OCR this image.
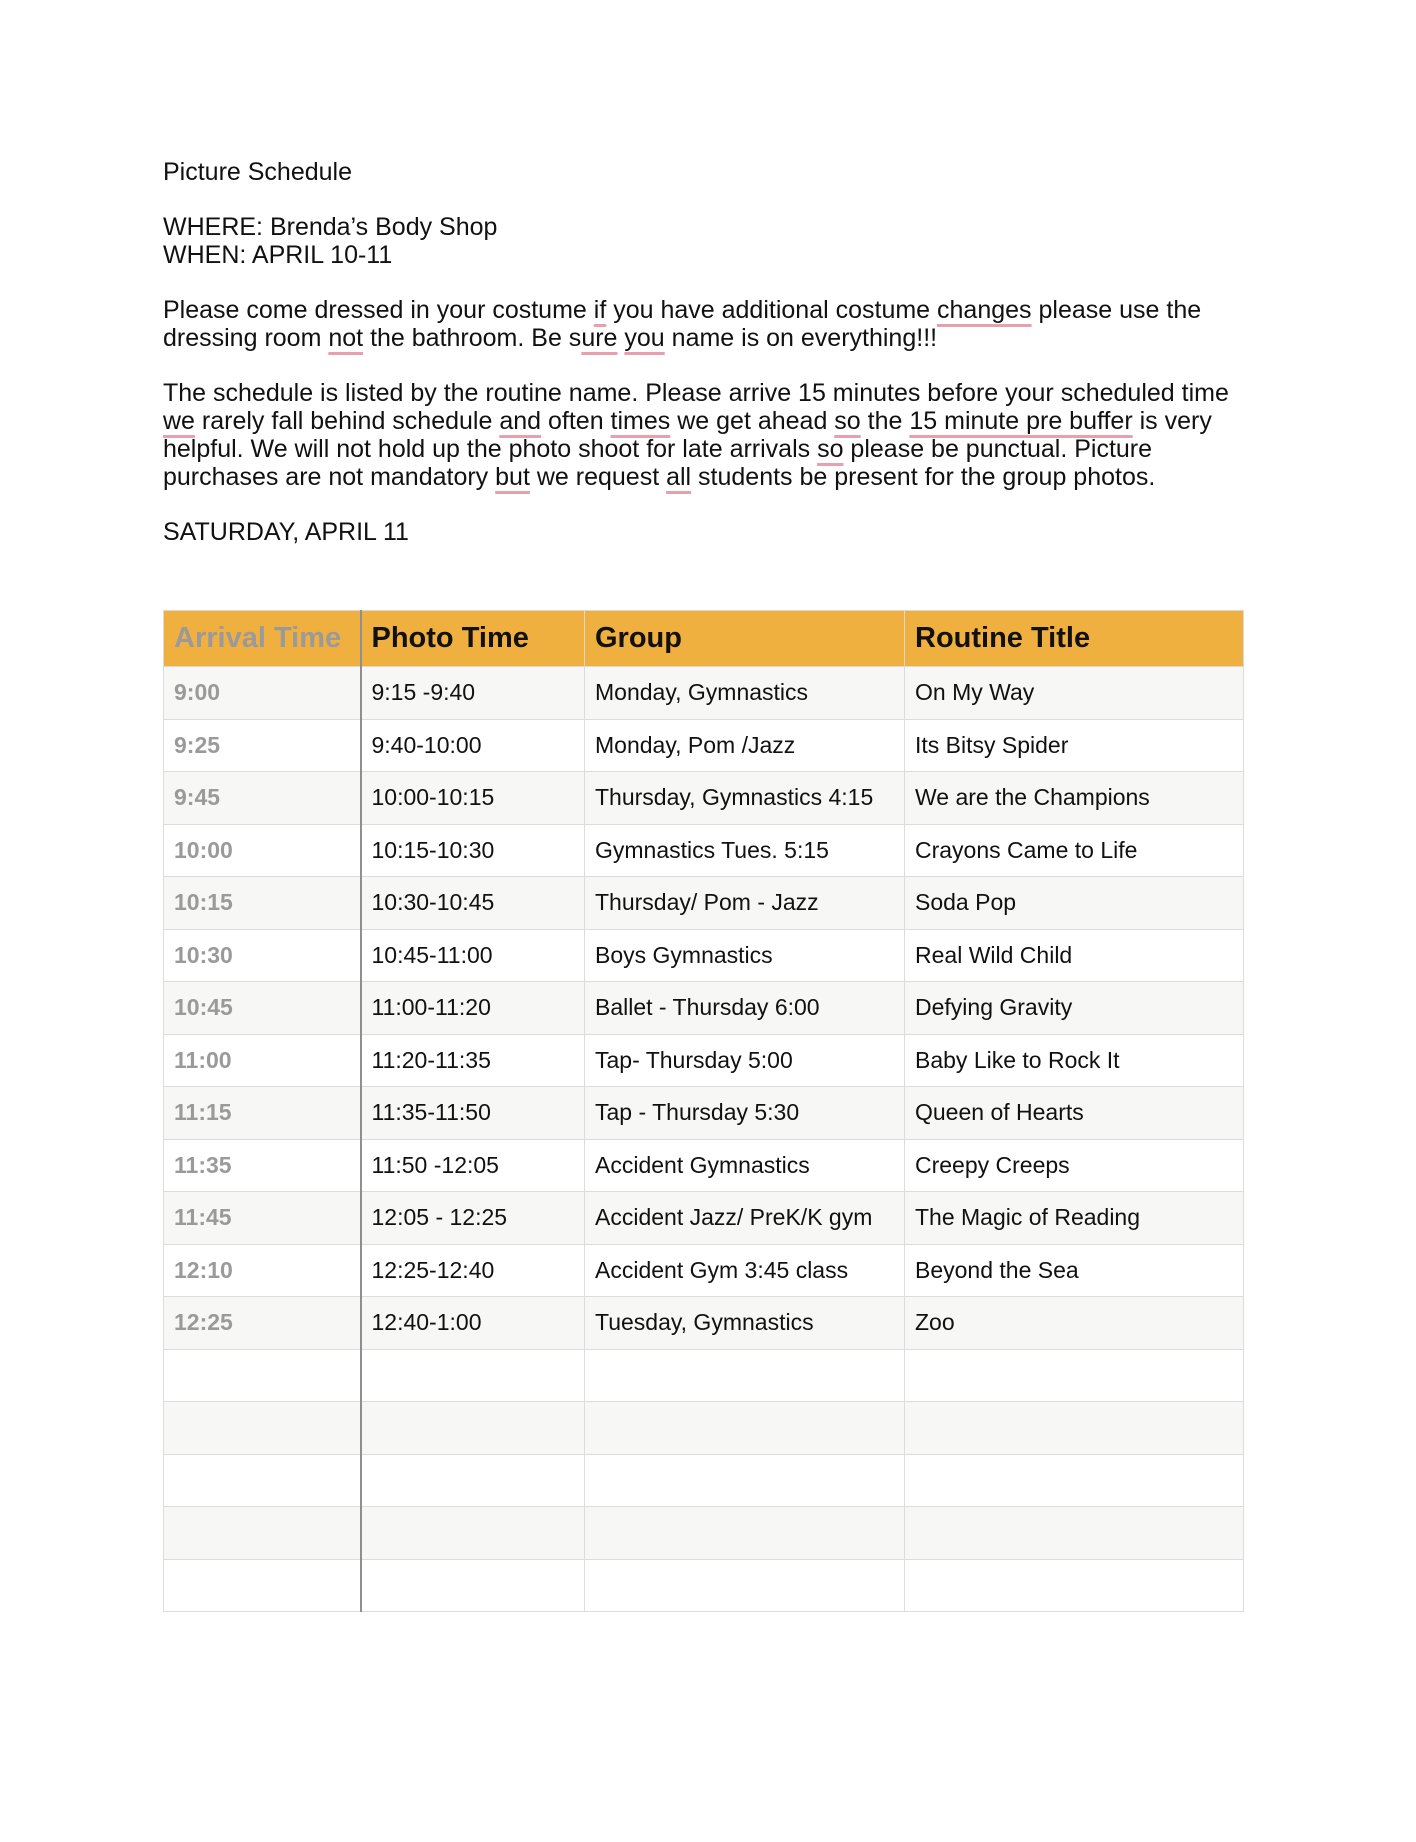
Picture Schedule

WHERE: Brenda’s Body Shop

WHEN: APRIL 10-11

Please come dressed in your costume if you have additional costume changes please use the dressing room not the bathroom. Be sure you name is on everything!!!

The schedule is listed by the routine name. Please arrive 15 minutes before your scheduled time we rarely fall behind schedule and often times we get ahead so the 15 minute pre buffer is very helpful. We will not hold up the photo shoot for late arrivals so please be punctual. Picture purchases are not mandatory but we request all students be present for the group photos.

SATURDAY, APRIL 11

Arrival Time	Photo Time	Group	Routine Title
9:00	9:15 -9:40	Monday, Gymnastics	On My Way
9:25	9:40-10:00	Monday, Pom /Jazz	Its Bitsy Spider
9:45	10:00-10:15	Thursday, Gymnastics 4:15	We are the Champions
10:00	10:15-10:30	Gymnastics Tues. 5:15	Crayons Came to Life
10:15	10:30-10:45	Thursday/ Pom - Jazz	Soda Pop
10:30	10:45-11:00	Boys Gymnastics	Real Wild Child
10:45	11:00-11:20	Ballet - Thursday 6:00	Defying Gravity
11:00	11:20-11:35	Tap- Thursday 5:00	Baby Like to Rock It
11:15	11:35-11:50	Tap - Thursday 5:30	Queen of Hearts
11:35	11:50 -12:05	Accident Gymnastics	Creepy Creeps
11:45	12:05 - 12:25	Accident Jazz/ PreK/K gym	The Magic of Reading
12:10	12:25-12:40	Accident Gym 3:45 class	Beyond the Sea
12:25	12:40-1:00	Tuesday, Gymnastics	Zoo
